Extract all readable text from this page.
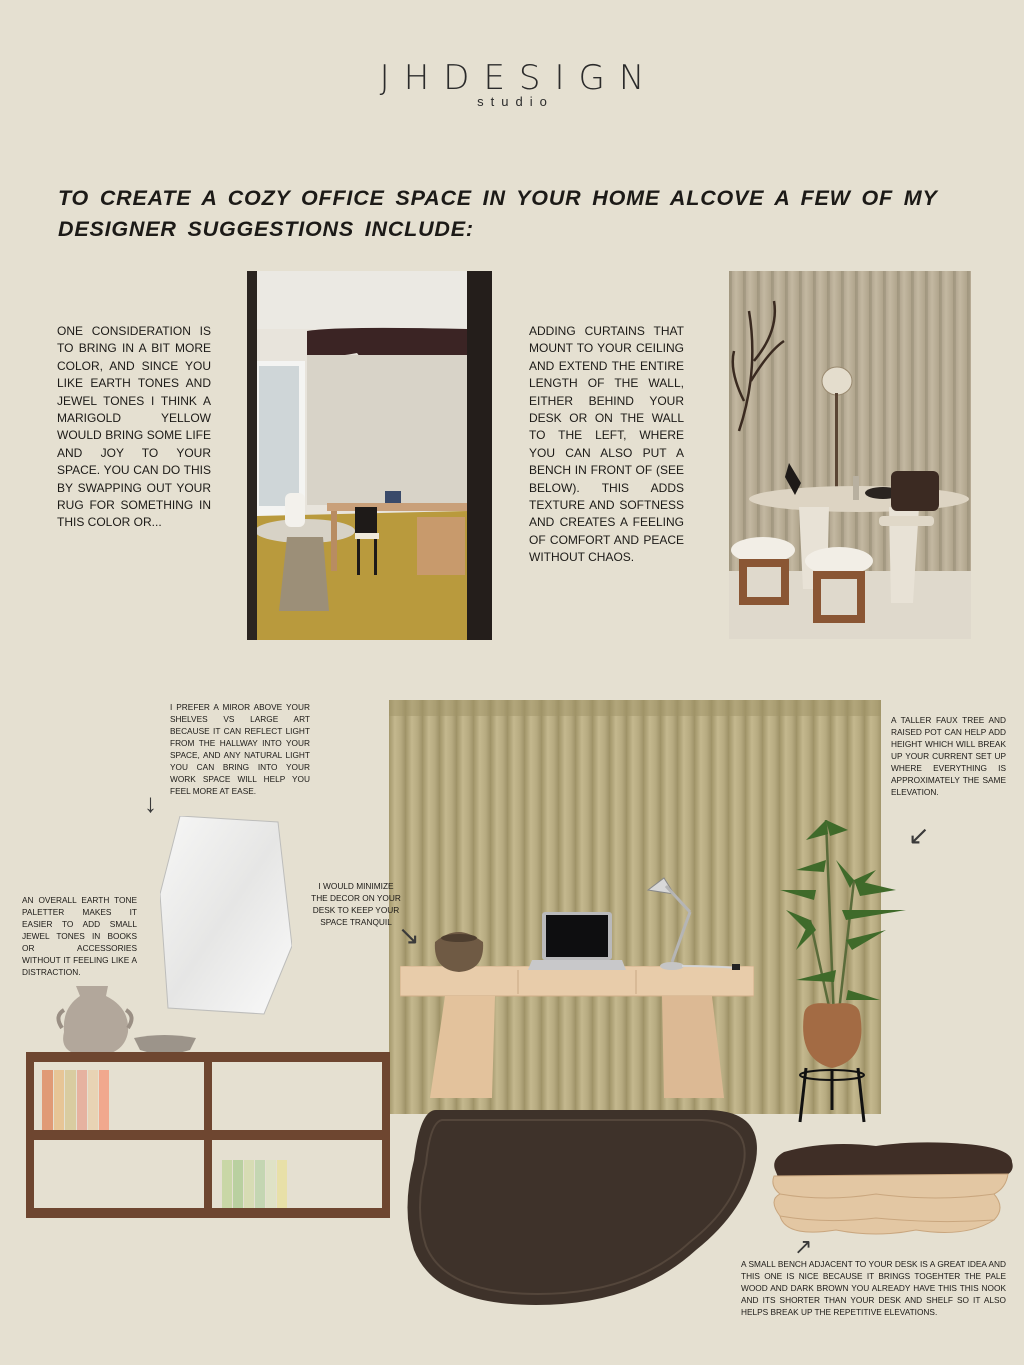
JHDESIGN
studio
TO CREATE A COZY OFFICE SPACE IN YOUR HOME ALCOVE A FEW OF MY DESIGNER SUGGESTIONS INCLUDE:
ONE CONSIDERATION IS TO BRING IN A BIT MORE COLOR, AND SINCE YOU LIKE EARTH TONES AND JEWEL TONES I THINK A MARIGOLD YELLOW WOULD BRING SOME LIFE AND JOY TO YOUR SPACE. YOU CAN DO THIS BY SWAPPING OUT YOUR RUG FOR SOMETHING IN THIS COLOR OR...
ADDING CURTAINS THAT MOUNT TO YOUR CEILING AND EXTEND THE ENTIRE LENGTH OF THE WALL, EITHER BEHIND YOUR DESK OR ON THE WALL TO THE LEFT, WHERE YOU CAN ALSO PUT A BENCH IN FRONT OF (SEE BELOW). THIS ADDS TEXTURE AND SOFTNESS AND CREATES A FEELING OF COMFORT AND PEACE WITHOUT CHAOS.
I PREFER A MIROR ABOVE YOUR SHELVES VS LARGE ART BECAUSE IT CAN REFLECT LIGHT FROM THE HALLWAY INTO YOUR SPACE, AND ANY NATURAL LIGHT YOU CAN BRING INTO YOUR WORK SPACE WILL HELP YOU FEEL MORE AT EASE.
↓
A TALLER FAUX TREE AND RAISED POT CAN HELP ADD HEIGHT WHICH WILL BREAK UP YOUR CURRENT SET UP WHERE EVERYTHING IS APPROXIMATELY THE SAME ELEVATION.
↙
I WOULD MINIMIZE THE DECOR ON YOUR DESK TO KEEP YOUR SPACE TRANQUIL ↘
AN OVERALL EARTH TONE PALETTER MAKES IT EASIER TO ADD SMALL JEWEL TONES IN BOOKS OR ACCESSORIES WITHOUT IT FEELING LIKE A DISTRACTION.
↗
A SMALL BENCH ADJACENT TO YOUR DESK IS A GREAT IDEA AND THIS ONE IS NICE BECAUSE IT BRINGS TOGEHTER THE PALE WOOD AND DARK BROWN YOU ALREADY HAVE THIS THIS NOOK AND ITS SHORTER THAN YOUR DESK AND SHELF SO IT ALSO HELPS BREAK UP THE REPETITIVE ELEVATIONS.
